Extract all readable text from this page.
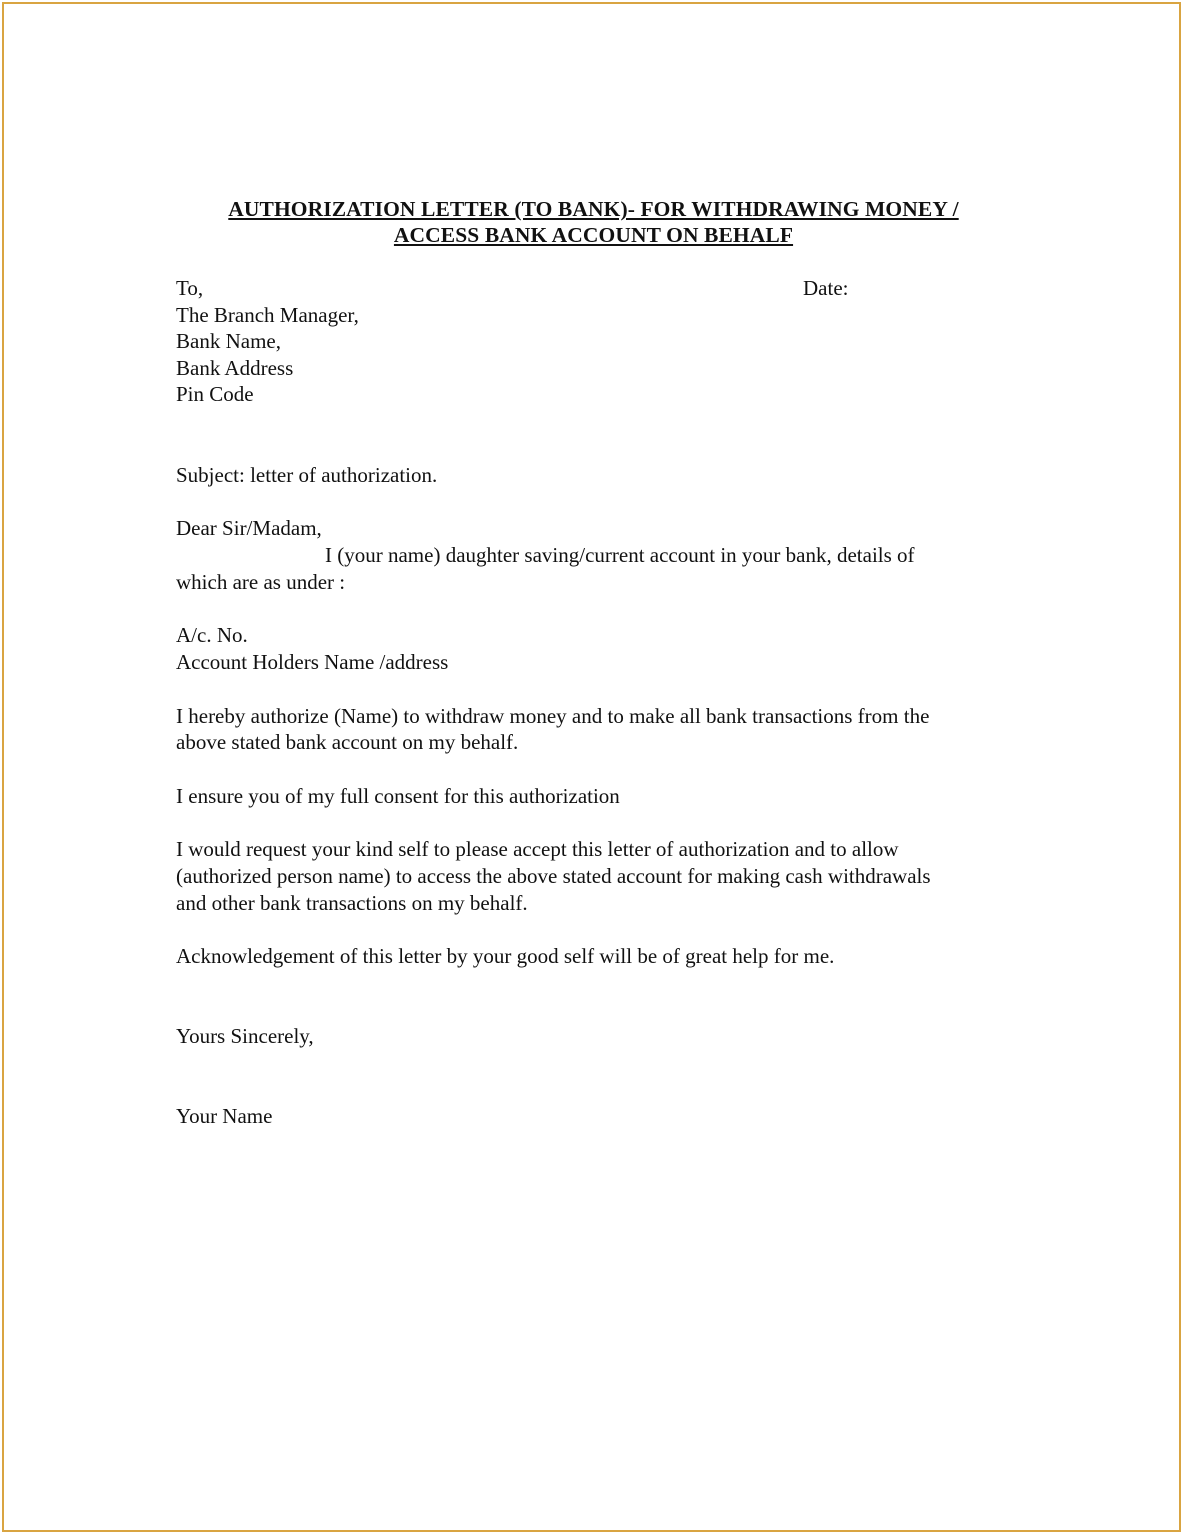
AUTHORIZATION LETTER (TO BANK)- FOR WITHDRAWING MONEY /
ACCESS BANK ACCOUNT ON BEHALF
To,	Date:
The Branch Manager,
Bank Name,
Bank Address
Pin Code
Subject: letter of authorization.
Dear Sir/Madam,
I (your name) daughter saving/current account in your bank, details of
which are as under :
A/c. No.
Account Holders Name /address
I hereby authorize (Name) to withdraw money and to make all bank transactions from the
above stated bank account on my behalf.
I ensure you of my full consent for this authorization
I would request your kind self to please accept this letter of authorization and to allow
(authorized person name) to access the above stated account for making cash withdrawals
and other bank transactions on my behalf.
Acknowledgement of this letter by your good self will be of great help for me.
Yours Sincerely,
Your Name
